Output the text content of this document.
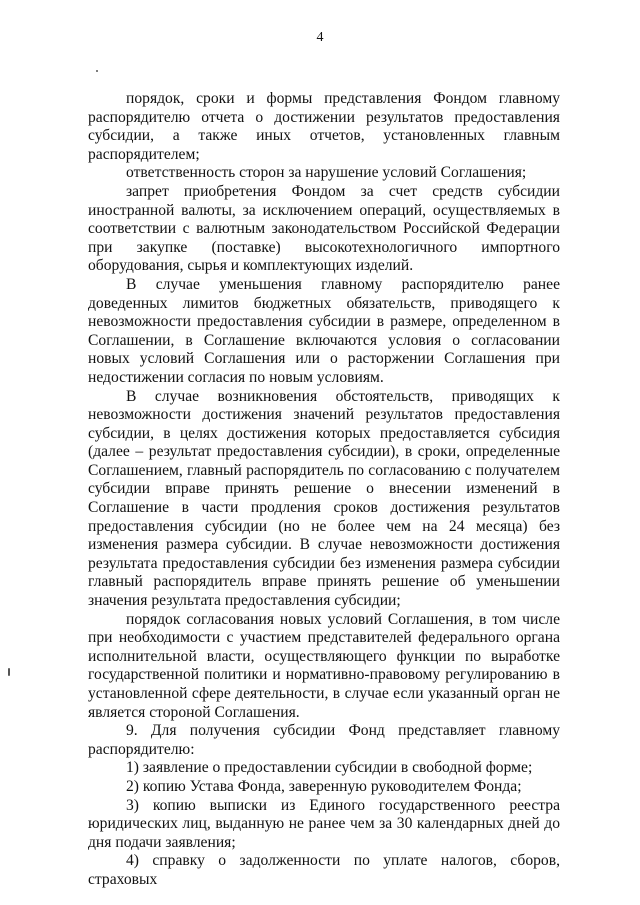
4

порядок, сроки и формы представления Фондом главному распорядителю отчета о достижении результатов предоставления субсидии, а также иных отчетов, установленных главным распорядителем;

ответственность сторон за нарушение условий Соглашения;

запрет приобретения Фондом за счет средств субсидии иностранной валюты, за исключением операций, осуществляемых в соответствии с валютным законодательством Российской Федерации при закупке (поставке) высокотехнологичного импортного оборудования, сырья и комплектующих изделий.

В случае уменьшения главному распорядителю ранее доведенных лимитов бюджетных обязательств, приводящего к невозможности предоставления субсидии в размере, определенном в Соглашении, в Соглашение включаются условия о согласовании новых условий Соглашения или о расторжении Соглашения при недостижении согласия по новым условиям.

В случае возникновения обстоятельств, приводящих к невозможности достижения значений результатов предоставления субсидии, в целях достижения которых предоставляется субсидия (далее – результат предоставления субсидии), в сроки, определенные Соглашением, главный распорядитель по согласованию с получателем субсидии вправе принять решение о внесении изменений в Соглашение в части продления сроков достижения результатов предоставления субсидии (но не более чем на 24 месяца) без изменения размера субсидии. В случае невозможности достижения результата предоставления субсидии без изменения размера субсидии главный распорядитель вправе принять решение об уменьшении значения результата предоставления субсидии;

порядок согласования новых условий Соглашения, в том числе при необходимости с участием представителей федерального органа исполнительной власти, осуществляющего функции по выработке государственной политики и нормативно-правовому регулированию в установленной сфере деятельности, в случае если указанный орган не является стороной Соглашения.

9. Для получения субсидии Фонд представляет главному распорядителю:

1) заявление о предоставлении субсидии в свободной форме;

2) копию Устава Фонда, заверенную руководителем Фонда;

3) копию выписки из Единого государственного реестра юридических лиц, выданную не ранее чем за 30 календарных дней до дня подачи заявления;

4) справку о задолженности по уплате налогов, сборов, страховых
